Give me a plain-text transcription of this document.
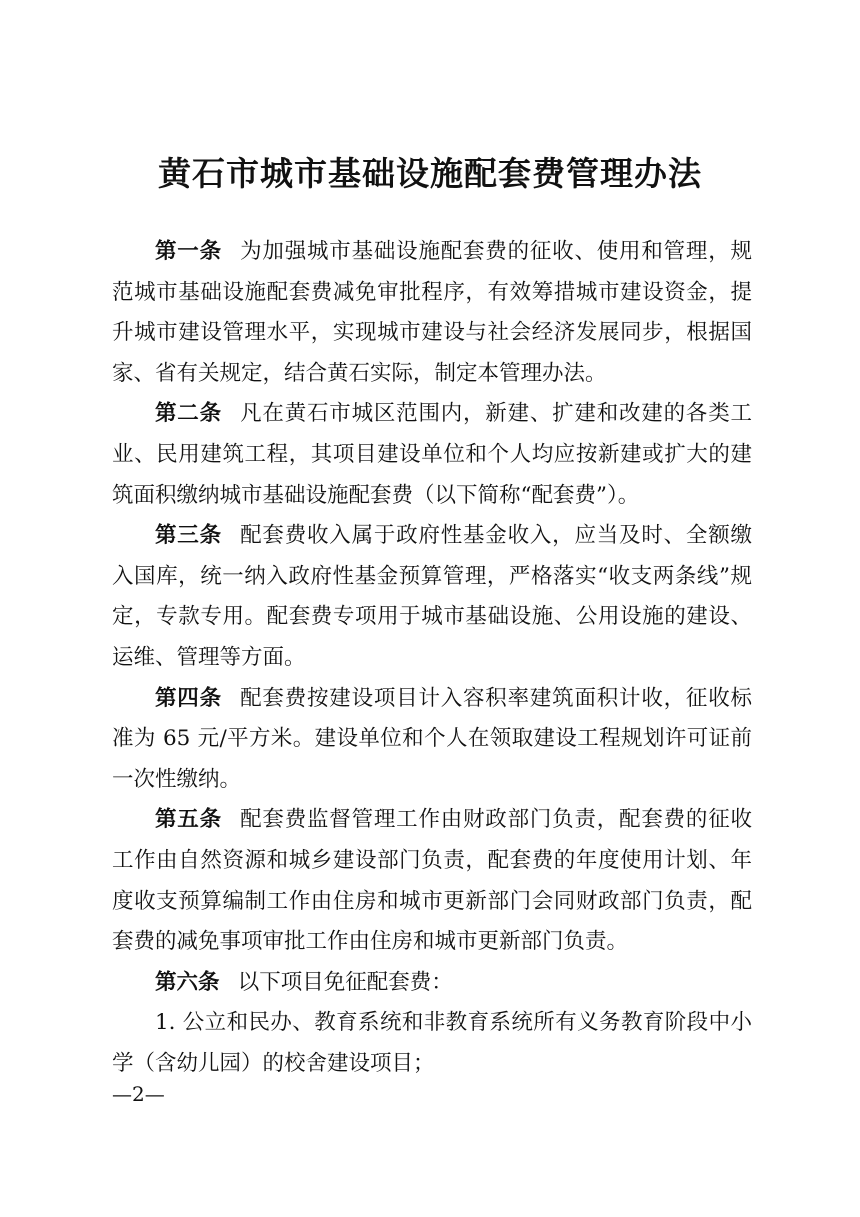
黄石市城市基础设施配套费管理办法

第一条 为加强城市基础设施配套费的征收、使用和管理，规范城市基础设施配套费减免审批程序，有效筹措城市建设资金，提升城市建设管理水平，实现城市建设与社会经济发展同步，根据国家、省有关规定，结合黄石实际，制定本管理办法。

第二条 凡在黄石市城区范围内，新建、扩建和改建的各类工业、民用建筑工程，其项目建设单位和个人均应按新建或扩大的建筑面积缴纳城市基础设施配套费（以下简称“配套费”）。

第三条 配套费收入属于政府性基金收入，应当及时、全额缴入国库，统一纳入政府性基金预算管理，严格落实“收支两条线”规定，专款专用。配套费专项用于城市基础设施、公用设施的建设、运维、管理等方面。

第四条 配套费按建设项目计入容积率建筑面积计收，征收标准为 65 元/平方米。建设单位和个人在领取建设工程规划许可证前一次性缴纳。

第五条 配套费监督管理工作由财政部门负责，配套费的征收工作由自然资源和城乡建设部门负责，配套费的年度使用计划、年度收支预算编制工作由住房和城市更新部门会同财政部门负责，配套费的减免事项审批工作由住房和城市更新部门负责。

第六条 以下项目免征配套费：

1. 公立和民办、教育系统和非教育系统所有义务教育阶段中小学（含幼儿园）的校舍建设项目；

—2—
